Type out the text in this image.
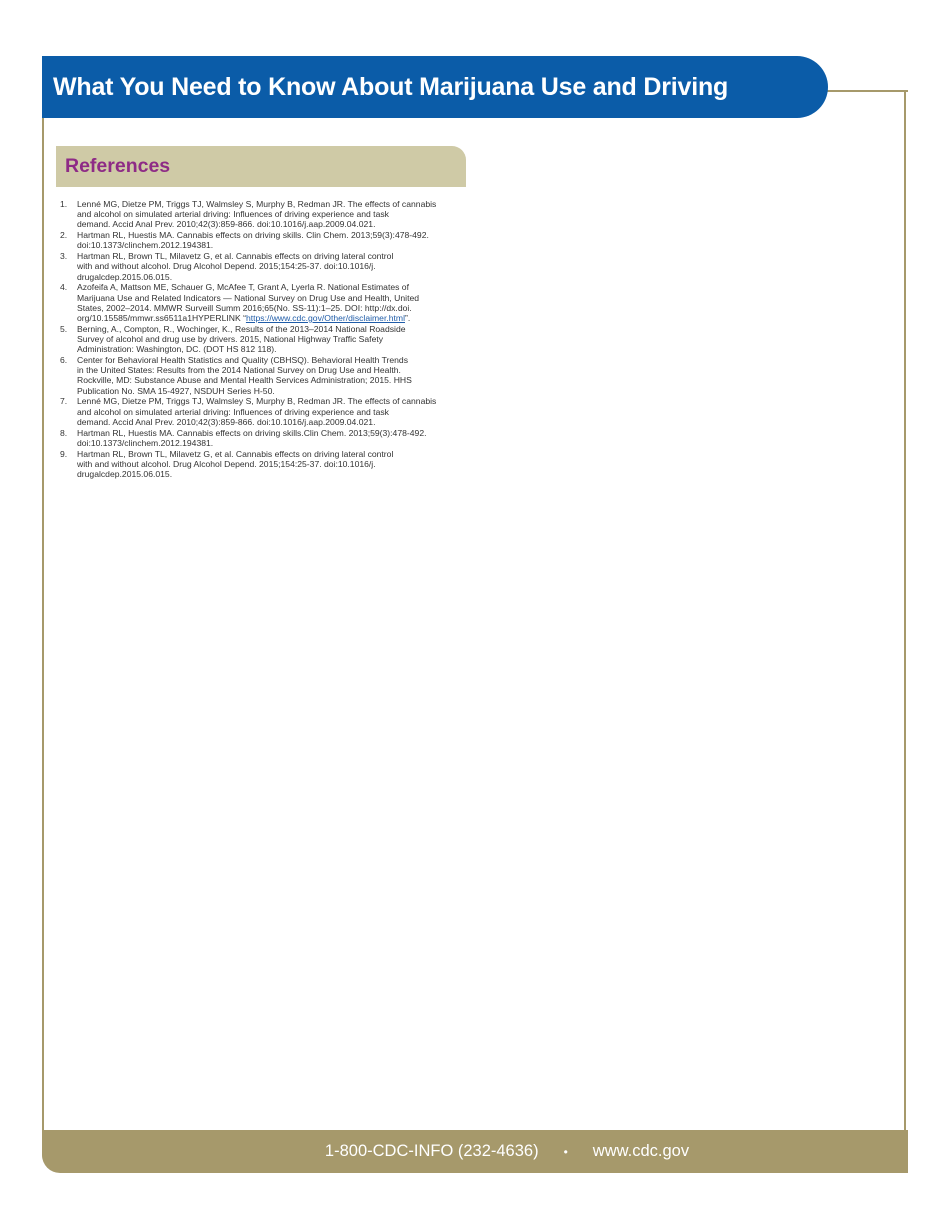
What You Need to Know About Marijuana Use and Driving
References
1. Lenné MG, Dietze PM, Triggs TJ, Walmsley S, Murphy B, Redman JR. The effects of cannabis
and alcohol on simulated arterial driving: Influences of driving experience and task
demand. Accid Anal Prev. 2010;42(3):859-866. doi:10.1016/j.aap.2009.04.021.
2. Hartman RL, Huestis MA. Cannabis effects on driving skills. Clin Chem. 2013;59(3):478-492.
doi:10.1373/clinchem.2012.194381.
3. Hartman RL, Brown TL, Milavetz G, et al. Cannabis effects on driving lateral control
with and without alcohol. Drug Alcohol Depend. 2015;154:25-37. doi:10.1016/j.
drugalcdep.2015.06.015.
4. Azofeifa A, Mattson ME, Schauer G, McAfee T, Grant A, Lyerla R. National Estimates of
Marijuana Use and Related Indicators — National Survey on Drug Use and Health, United
States, 2002–2014. MMWR Surveill Summ 2016;65(No. SS-11):1–25. DOI: http://dx.doi.
org/10.15585/mmwr.ss6511a1HYPERLINK “https://www.cdc.gov/Other/disclaimer.html”.
5. Berning, A., Compton, R., Wochinger, K., Results of the 2013–2014 National Roadside
Survey of alcohol and drug use by drivers. 2015, National Highway Traffic Safety
Administration: Washington, DC. (DOT HS 812 118).
6. Center for Behavioral Health Statistics and Quality (CBHSQ). Behavioral Health Trends
in the United States: Results from the 2014 National Survey on Drug Use and Health.
Rockville, MD: Substance Abuse and Mental Health Services Administration; 2015. HHS
Publication No. SMA 15-4927, NSDUH Series H-50.
7. Lenné MG, Dietze PM, Triggs TJ, Walmsley S, Murphy B, Redman JR. The effects of cannabis
and alcohol on simulated arterial driving: Influences of driving experience and task
demand. Accid Anal Prev. 2010;42(3):859-866. doi:10.1016/j.aap.2009.04.021.
8. Hartman RL, Huestis MA. Cannabis effects on driving skills.Clin Chem. 2013;59(3):478-492.
doi:10.1373/clinchem.2012.194381.
9. Hartman RL, Brown TL, Milavetz G, et al. Cannabis effects on driving lateral control
with and without alcohol. Drug Alcohol Depend. 2015;154:25-37. doi:10.1016/j.
drugalcdep.2015.06.015.
1-800-CDC-INFO (232-4636) • www.cdc.gov
